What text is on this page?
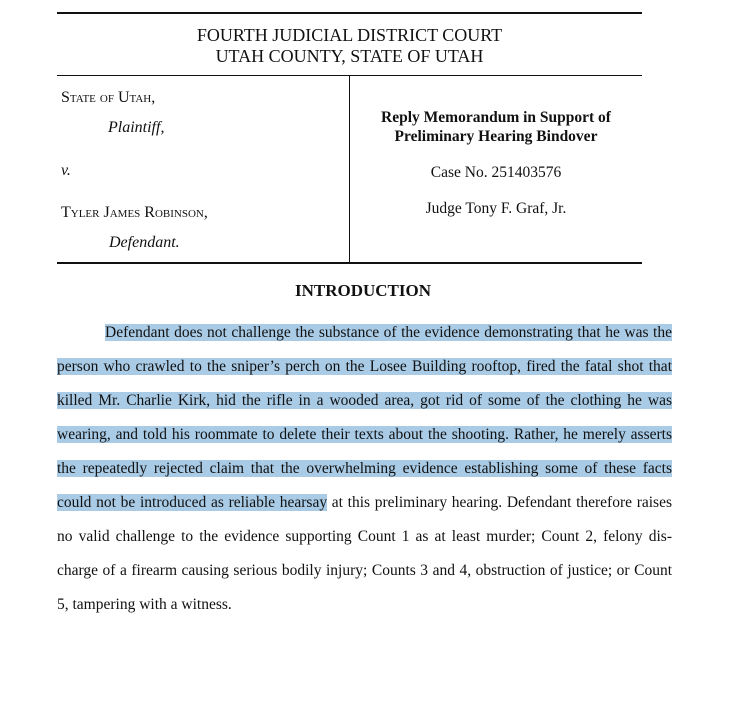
FOURTH JUDICIAL DISTRICT COURT
UTAH COUNTY, STATE OF UTAH
State of Utah,
Plaintiff,
v.
Tyler James Robinson,
Defendant.
Reply Memorandum in Support of
Preliminary Hearing Bindover
Case No. 251403576
Judge Tony F. Graf, Jr.
INTRODUCTION

Defendant does not challenge the substance of the evidence demonstrating that he was the person who crawled to the sniper’s perch on the Losee Building rooftop, fired the fatal shot that killed Mr. Charlie Kirk, hid the rifle in a wooded area, got rid of some of the clothing he was wearing, and told his roommate to delete their texts about the shooting. Rather, he merely asserts the repeatedly rejected claim that the overwhelming evidence establishing some of these facts could not be introduced as reliable hearsay at this preliminary hearing. Defendant therefore raises no valid challenge to the evidence supporting Count 1 as at least murder; Count 2, felony discharge of a firearm causing serious bodily injury; Counts 3 and 4, obstruction of justice; or Count 5, tampering with a witness.
